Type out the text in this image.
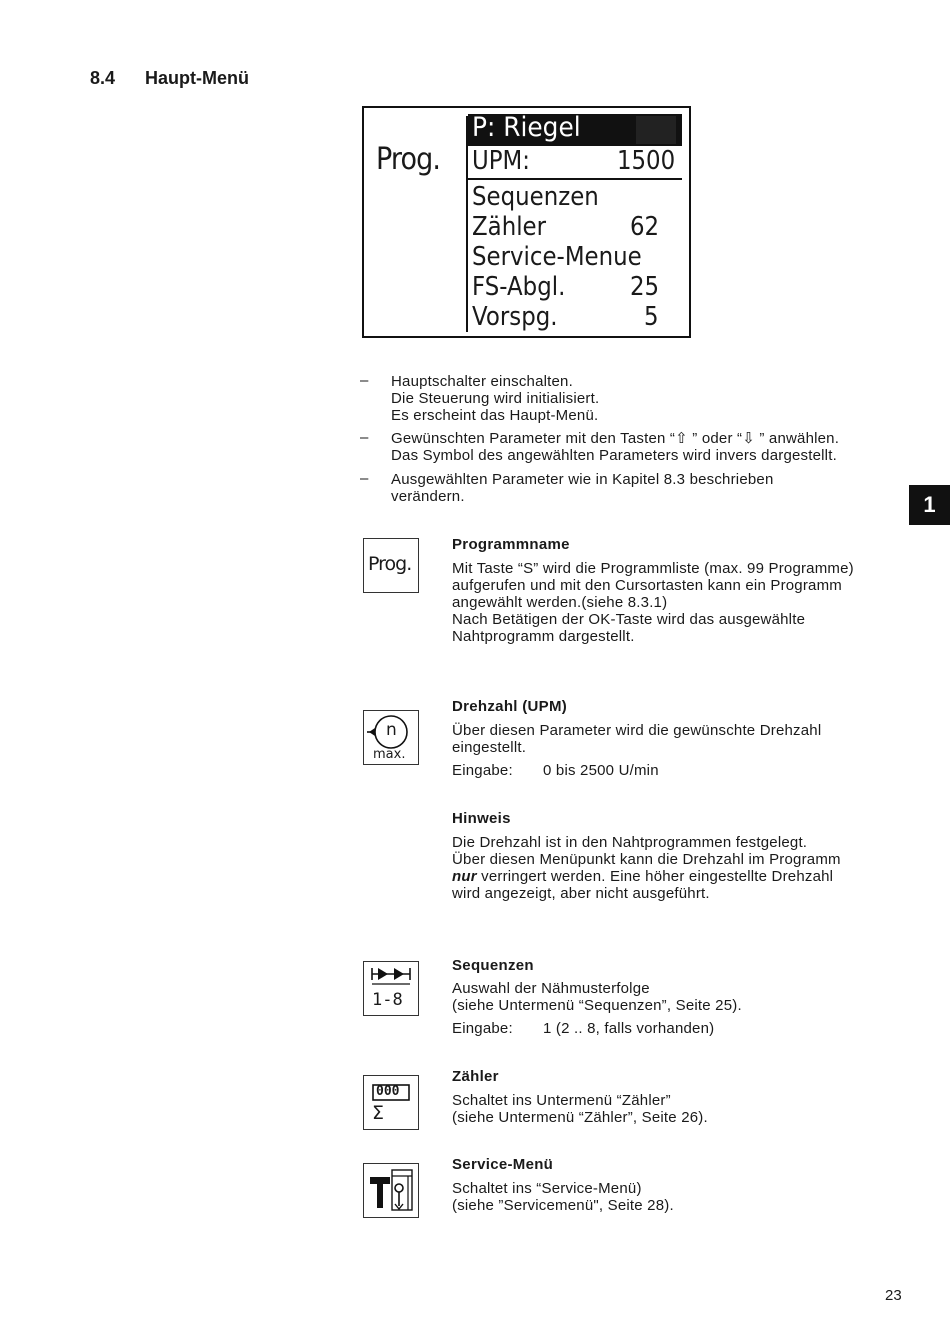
8.4 Haupt-Menü
Prog.
P: Riegel
UPM:	1500
Sequenzen
Zähler	62
Service-Menue
FS-Abgl. 25
Vorspg.	5
– Hauptschalter einschalten.
Die Steuerung wird initialisiert.
Es erscheint das Haupt-Menü.
– Gewünschten Parameter mit den Tasten “⇧ ” oder “⇩ ” anwählen.
Das Symbol des angewählten Parameters wird invers dargestellt.
– Ausgewählten Parameter wie in Kapitel 8.3 beschrieben
verändern.	1
Prog.
Programmname
Mit Taste “S” wird die Programmliste (max. 99 Programme)
aufgerufen und mit den Cursortasten kann ein Programm
angewählt werden.(siehe 8.3.1)
Nach Betätigen der OK-Taste wird das ausgewählte
Nahtprogramm dargestellt.
n
max.
Drehzahl (UPM)
Über diesen Parameter wird die gewünschte Drehzahl
eingestellt.
Eingabe: 0 bis 2500 U/min
Hinweis
Die Drehzahl ist in den Nahtprogrammen festgelegt.
Über diesen Menüpunkt kann die Drehzahl im Programm
nur verringert werden. Eine höher eingestellte Drehzahl
wird angezeigt, aber nicht ausgeführt.
1-8
Sequenzen
Auswahl der Nähmusterfolge
(siehe Untermenü “Sequenzen”, Seite 25).
Eingabe: 1 (2 .. 8, falls vorhanden)
000
Σ
Zähler
Schaltet ins Untermenü “Zähler”
(siehe Untermenü “Zähler”, Seite 26).
Service-Menü
Schaltet ins “Service-Menü)
(siehe ”Servicemenü", Seite 28).
23
